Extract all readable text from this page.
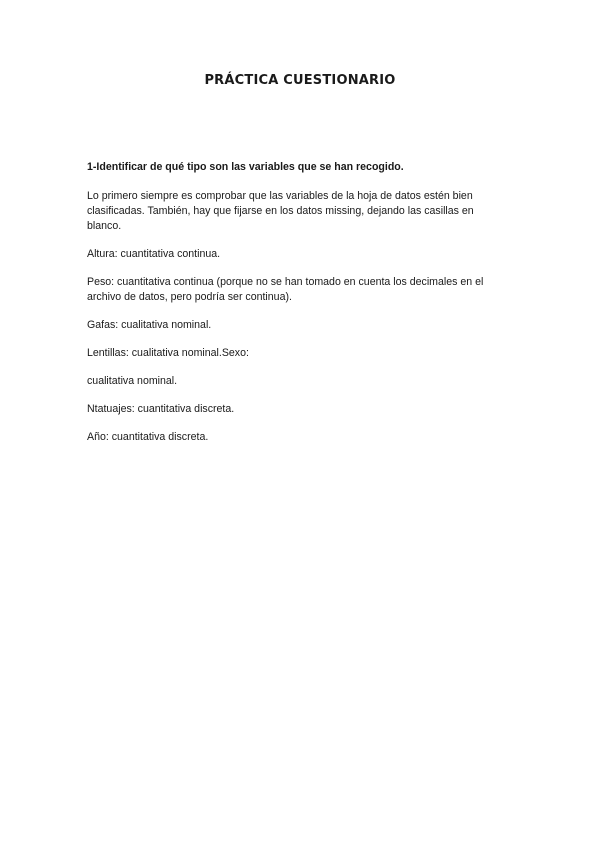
PRÁCTICA CUESTIONARIO

1-Identificar de qué tipo son las variables que se han recogido.

Lo primero siempre es comprobar que las variables de la hoja de datos estén bien clasificadas. También, hay que fijarse en los datos missing, dejando las casillas en blanco.

Altura: cuantitativa continua.

Peso: cuantitativa continua (porque no se han tomado en cuenta los decimales en el archivo de datos, pero podría ser continua).

Gafas: cualitativa nominal.

Lentillas: cualitativa nominal.Sexo:

cualitativa nominal.

Ntatuajes: cuantitativa discreta.

Año: cuantitativa discreta.
